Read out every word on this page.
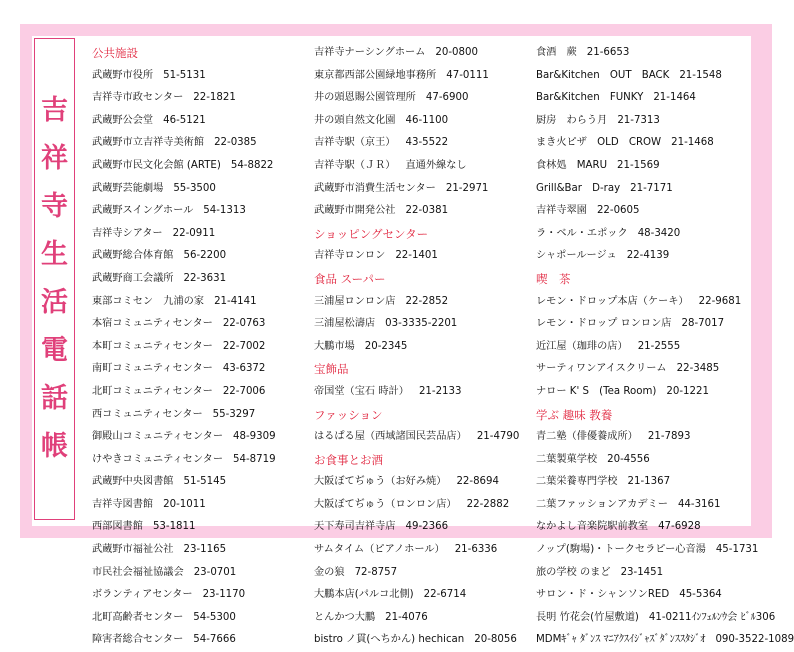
吉
祥
寺
生
活
電
話
帳
公共施設
武蔵野市役所 51-5131
吉祥寺市政センター 22-1821
武蔵野公会堂 46-5121
武蔵野市立吉祥寺美術館 22-0385
武蔵野市民文化会館 (ARTE) 54-8822
武蔵野芸能劇場 55-3500
武蔵野スイングホール 54-1313
吉祥寺シアター 22-0911
武蔵野総合体育館 56-2200
武蔵野商工会議所 22-3631
東部コミセン　九浦の家 21-4141
本宿コミュニティセンター 22-0763
本町コミュニティセンター 22-7002
南町コミュニティセンター 43-6372
北町コミュニティセンター 22-7006
西コミュニティセンター 55-3297
御殿山コミュニティセンター 48-9309
けやきコミュニティセンター 54-8719
武蔵野中央図書館 51-5145
吉祥寺図書館 20-1011
西部図書館 53-1811
武蔵野市福祉公社 23-1165
市民社会福祉協議会 23-0701
ボランティアセンター 23-1170
北町高齢者センター 54-5300
障害者総合センター 54-7666
吉祥寺ナーシングホーム 20-0800
東京都西部公園緑地事務所 47-0111
井の頭恩賜公園管理所 47-6900
井の頭自然文化園 46-1100
吉祥寺駅（京王） 43-5522
吉祥寺駅（ＪＲ） 直通外線なし
武蔵野市消費生活センター 21-2971
武蔵野市開発公社 22-0381
ショッピングセンター
吉祥寺ロンロン 22-1401
食品 スーパー
三浦屋ロンロン店 22-2852
三浦屋松濤店 03-3335-2201
大鵬市場 20-2345
宝飾品
帝国堂（宝石 時計） 21-2133
ファッション
はるぱる屋（西域諸国民芸品店） 21-4790
お食事とお酒
大阪ぼてぢゅう（お好み焼） 22-8694
大阪ぼてぢゅう（ロンロン店） 22-2882
天下寿司吉祥寺店 49-2366
サムタイム（ピアノホール） 21-6336
金の狼 72-8757
大鵬本店(パルコ北側) 22-6714
とんかつ大鵬 21-4076
bistro ノ貫(へちかん) hechican 20-8056
食酒　蕨 21-6653
Bar&Kitchen　OUT　BACK 21-1548
Bar&Kitchen　FUNKY 21-1464
厨房　わらう月 21-7313
まき火ピザ　OLD　CROW 21-1468
食林処　MARU 21-1569
Grill&Bar　D-ray 21-7171
吉祥寺翠園 22-0605
ラ・ベル・エポック 48-3420
シャポールージュ 22-4139
喫　茶
レモン・ドロップ本店（ケーキ） 22-9681
レモン・ドロップ ロンロン店 28-7017
近江屋（珈琲の店） 21-2555
サーティワンアイスクリーム 22-3485
ナロー K' S　(Tea Room) 20-1221
学ぶ 趣味 教養
青二塾（俳優養成所） 21-7893
二葉製菓学校 20-4556
二葉栄養専門学校 21-1367
二葉ファッションアカデミー 44-3161
なかよし音楽院駅前教室 47-6928
ノップ(駒場)・トークセラピー心音湯 45-1731
旅の学校 のまど 23-1451
サロン・ド・シャンソンRED 45-5364
長明 竹花会(竹屋敷道) 41-0211ｲﾝﾌｪﾙﾝｳ会 ﾋﾞﾙ306
MDMｷﾞｬ ﾀﾞﾝｽ ﾏﾆｱｸｽｲｼﾞｬｽﾞﾀﾞﾝｽｽﾀｼﾞｵ 090-3522-1089
